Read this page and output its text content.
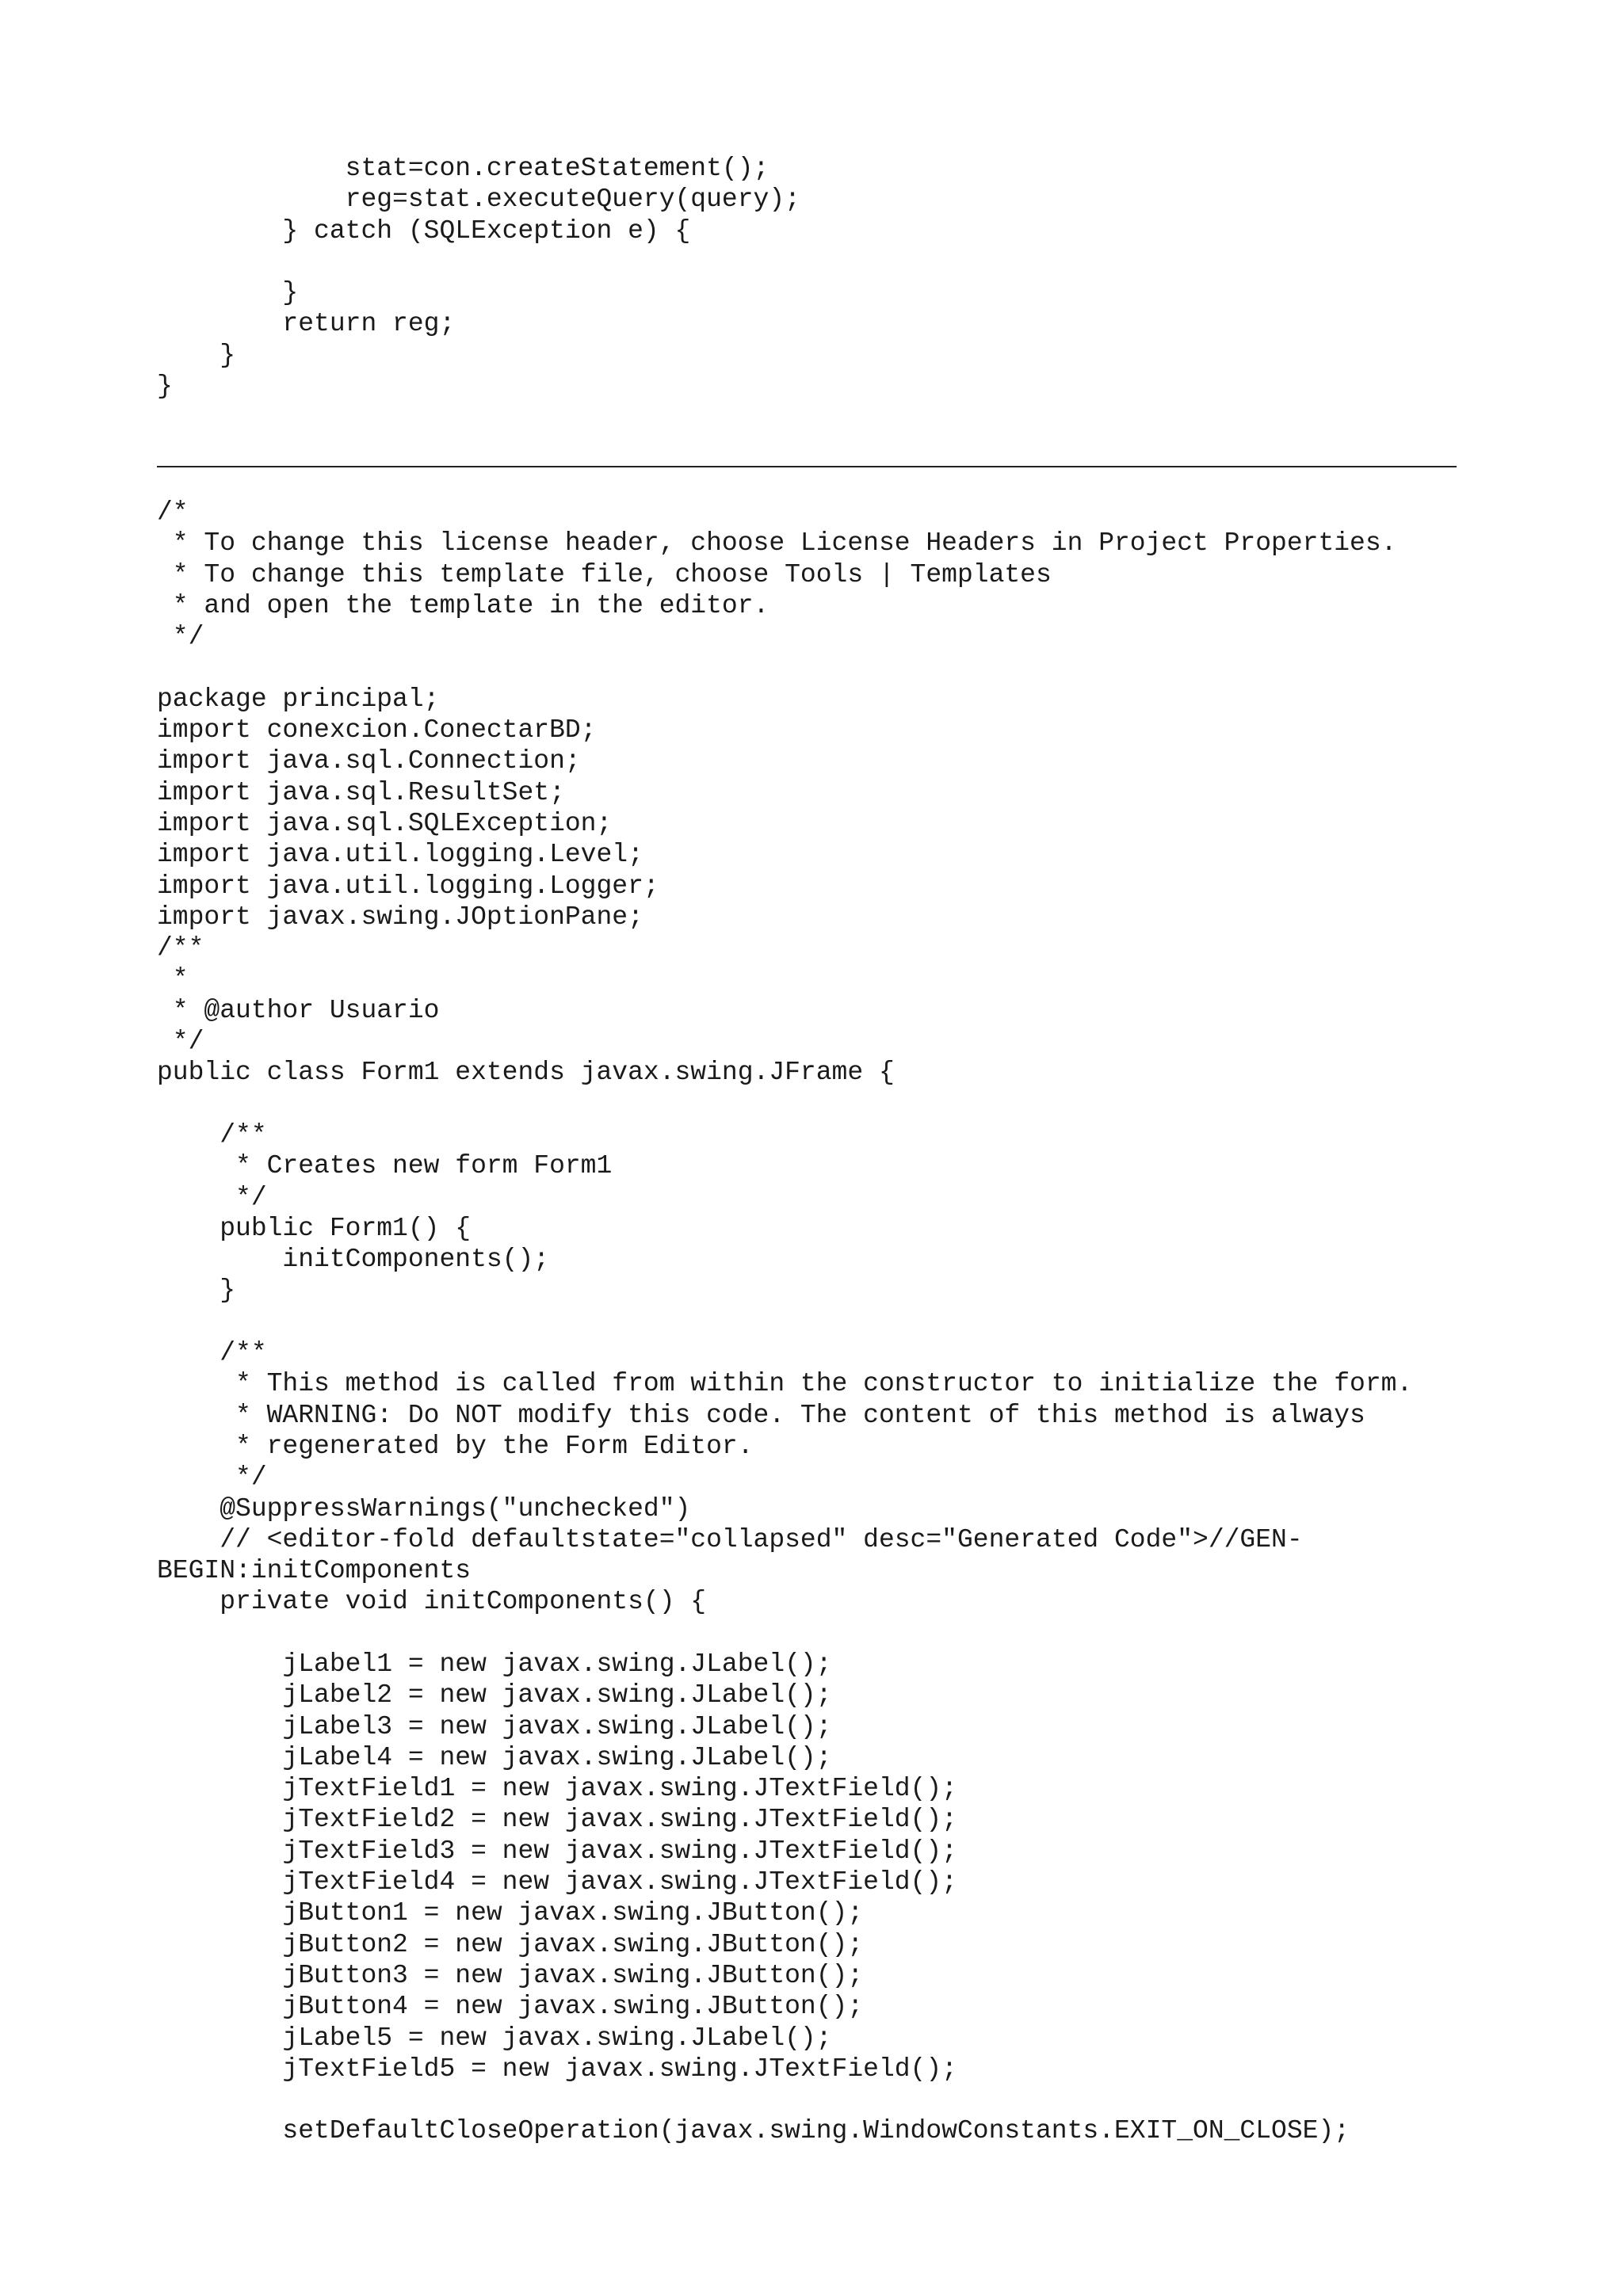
stat=con.createStatement();
reg=stat.executeQuery(query);
} catch (SQLException e) {
}
return reg;
}
}
/*
* To change this license header, choose License Headers in Project Properties.
* To change this template file, choose Tools | Templates
* and open the template in the editor.
*/
package principal;
import conexcion.ConectarBD;
import java.sql.Connection;
import java.sql.ResultSet;
import java.sql.SQLException;
import java.util.logging.Level;
import java.util.logging.Logger;
import javax.swing.JOptionPane;
/**
*
* @author Usuario
*/
public class Form1 extends javax.swing.JFrame {
/**
* Creates new form Form1
*/
public Form1() {
initComponents();
}
/**
* This method is called from within the constructor to initialize the form.
* WARNING: Do NOT modify this code. The content of this method is always
* regenerated by the Form Editor.
*/
@SuppressWarnings("unchecked")
// <editor-fold defaultstate="collapsed" desc="Generated Code">//GEN-
BEGIN:initComponents
private void initComponents() {
jLabel1 = new javax.swing.JLabel();
jLabel2 = new javax.swing.JLabel();
jLabel3 = new javax.swing.JLabel();
jLabel4 = new javax.swing.JLabel();
jTextField1 = new javax.swing.JTextField();
jTextField2 = new javax.swing.JTextField();
jTextField3 = new javax.swing.JTextField();
jTextField4 = new javax.swing.JTextField();
jButton1 = new javax.swing.JButton();
jButton2 = new javax.swing.JButton();
jButton3 = new javax.swing.JButton();
jButton4 = new javax.swing.JButton();
jLabel5 = new javax.swing.JLabel();
jTextField5 = new javax.swing.JTextField();
setDefaultCloseOperation(javax.swing.WindowConstants.EXIT_ON_CLOSE);
